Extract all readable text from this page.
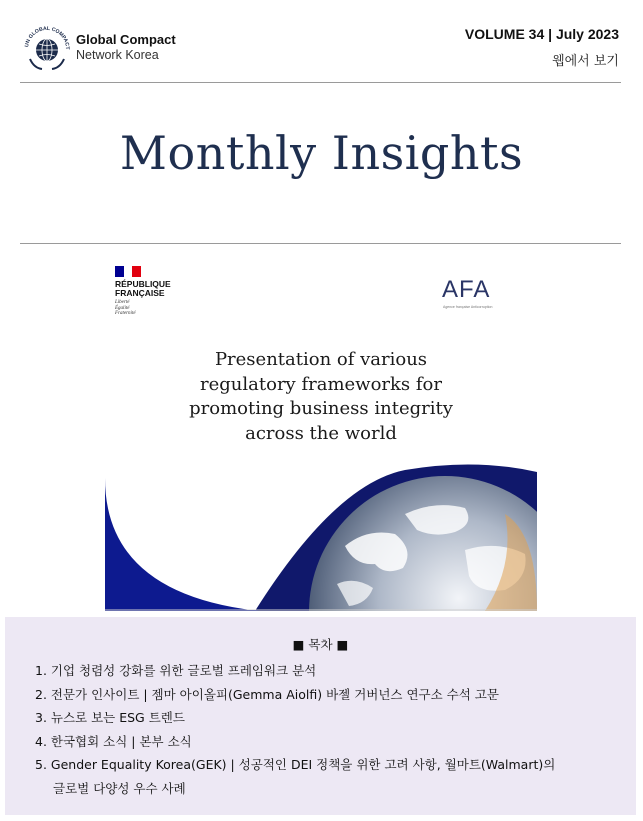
UN GLOBAL COMPACT
Global Compact
Network Korea
VOLUME 34 | July 2023
웹에서 보기
Monthly Insights
RÉPUBLIQUE
FRANÇAISE
Liberté
Égalité
Fraternité
AFA
Agence française Anticorruption
Presentation of various
regulatory frameworks for
promoting business integrity
across the world
■ 목차 ■
1. 기업 청렴성 강화를 위한 글로벌 프레임워크 분석
2. 전문가 인사이트 | 젬마 아이올피(Gemma Aiolfi) 바젤 거버넌스 연구소 수석 고문
3. 뉴스로 보는 ESG 트렌드
4. 한국협회 소식 | 본부 소식
5. Gender Equality Korea(GEK) | 성공적인 DEI 정책을 위한 고려 사항, 월마트(Walmart)의
글로벌 다양성 우수 사례
